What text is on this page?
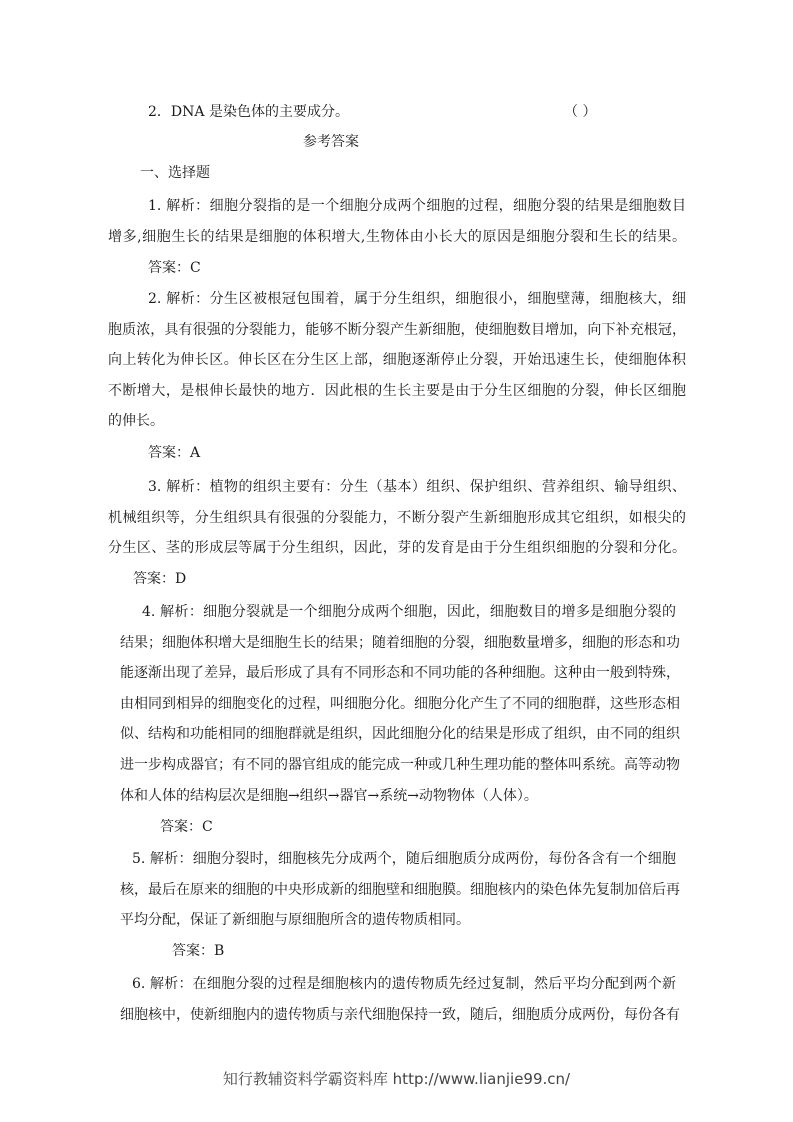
2．DNA 是染色体的主要成分。	（ ）

参考答案

一、选择题

1. 解析：细胞分裂指的是一个细胞分成两个细胞的过程，细胞分裂的结果是细胞数目
增多,细胞生长的结果是细胞的体积增大,生物体由小长大的原因是细胞分裂和生长的结果。

答案：C

2. 解析：分生区被根冠包围着，属于分生组织，细胞很小，细胞壁薄，细胞核大，细
胞质浓，具有很强的分裂能力，能够不断分裂产生新细胞，使细胞数目增加，向下补充根冠，
向上转化为伸长区。伸长区在分生区上部，细胞逐渐停止分裂，开始迅速生长，使细胞体积
不断增大，是根伸长最快的地方．因此根的生长主要是由于分生区细胞的分裂，伸长区细胞
的伸长。

答案：A

3. 解析：植物的组织主要有：分生（基本）组织、保护组织、营养组织、输导组织、
机械组织等，分生组织具有很强的分裂能力，不断分裂产生新细胞形成其它组织，如根尖的
分生区、茎的形成层等属于分生组织，因此，芽的发育是由于分生组织细胞的分裂和分化。

答案：D

4. 解析：细胞分裂就是一个细胞分成两个细胞，因此，细胞数目的增多是细胞分裂的
结果；细胞体积增大是细胞生长的结果；随着细胞的分裂，细胞数量增多，细胞的形态和功
能逐渐出现了差异，最后形成了具有不同形态和不同功能的各种细胞。这种由一般到特殊，
由相同到相异的细胞变化的过程，叫细胞分化。细胞分化产生了不同的细胞群，这些形态相
似、结构和功能相同的细胞群就是组织，因此细胞分化的结果是形成了组织，由不同的组织
进一步构成器官；有不同的器官组成的能完成一种或几种生理功能的整体叫系统。高等动物
体和人体的结构层次是细胞→组织→器官→系统→动物物体（人体）。

答案：C

5. 解析：细胞分裂时，细胞核先分成两个，随后细胞质分成两份，每份各含有一个细胞
核，最后在原来的细胞的中央形成新的细胞壁和细胞膜。细胞核内的染色体先复制加倍后再
平均分配，保证了新细胞与原细胞所含的遗传物质相同。

答案：B

6. 解析：在细胞分裂的过程是细胞核内的遗传物质先经过复制，然后平均分配到两个新
细胞核中，使新细胞内的遗传物质与亲代细胞保持一致，随后，细胞质分成两份，每份各有
知行教辅资料学霸资料库 http://www.lianjie99.cn/
